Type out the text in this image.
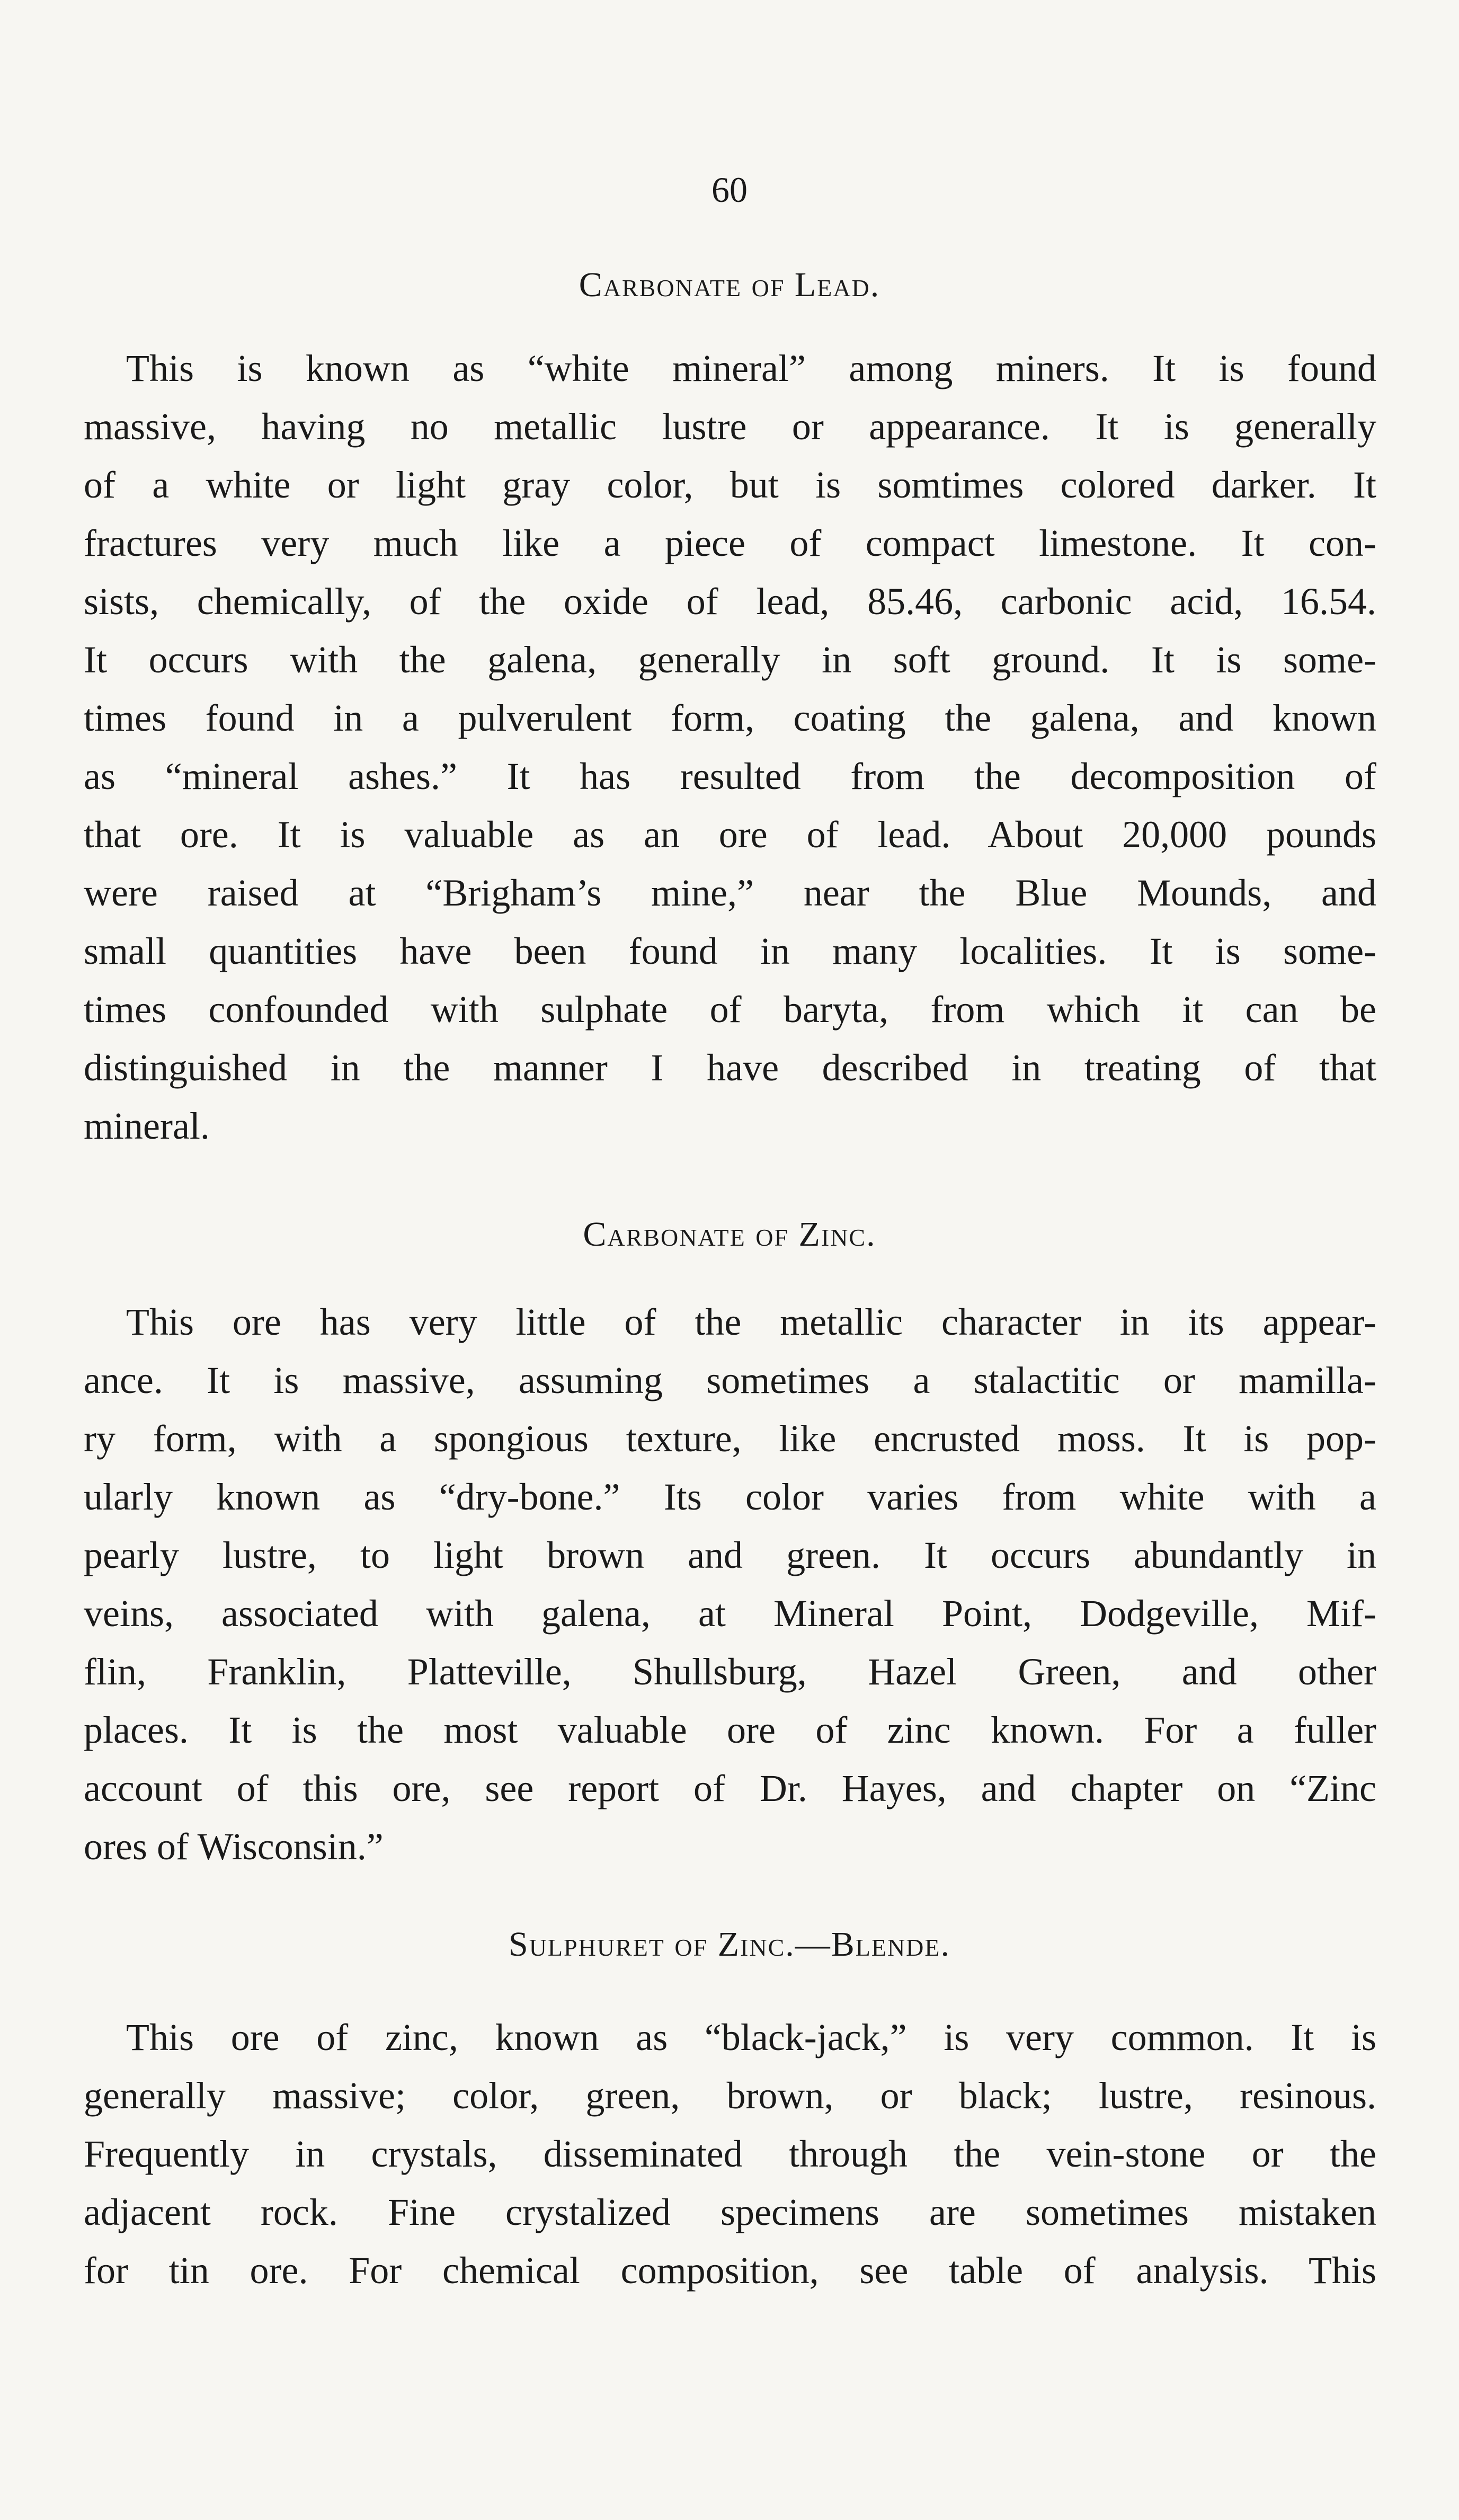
60
Carbonate of Lead.
This is known as “white mineral” among miners. It is found
massive, having no metallic lustre or appearance. It is generally
of a white or light gray color, but is somtimes colored darker. It
fractures very much like a piece of compact limestone. It con-
sists, chemically, of the oxide of lead, 85.46, carbonic acid, 16.54.
It occurs with the galena, generally in soft ground. It is some-
times found in a pulverulent form, coating the galena, and known
as “mineral ashes.” It has resulted from the decomposition of
that ore. It is valuable as an ore of lead. About 20,000 pounds
were raised at “Brigham’s mine,” near the Blue Mounds, and
small quantities have been found in many localities. It is some-
times confounded with sulphate of baryta, from which it can be
distinguished in the manner I have described in treating of that
mineral.
Carbonate of Zinc.
This ore has very little of the metallic character in its appear-
ance. It is massive, assuming sometimes a stalactitic or mamilla-
ry form, with a spongious texture, like encrusted moss. It is pop-
ularly known as “dry-bone.” Its color varies from white with a
pearly lustre, to light brown and green. It occurs abundantly in
veins, associated with galena, at Mineral Point, Dodgeville, Mif-
flin, Franklin, Platteville, Shullsburg, Hazel Green, and other
places. It is the most valuable ore of zinc known. For a fuller
account of this ore, see report of Dr. Hayes, and chapter on “Zinc
ores of Wisconsin.”
Sulphuret of Zinc.—Blende.
This ore of zinc, known as “black-jack,” is very common. It is
generally massive; color, green, brown, or black; lustre, resinous.
Frequently in crystals, disseminated through the vein-stone or the
adjacent rock. Fine crystalized specimens are sometimes mistaken
for tin ore. For chemical composition, see table of analysis. This
